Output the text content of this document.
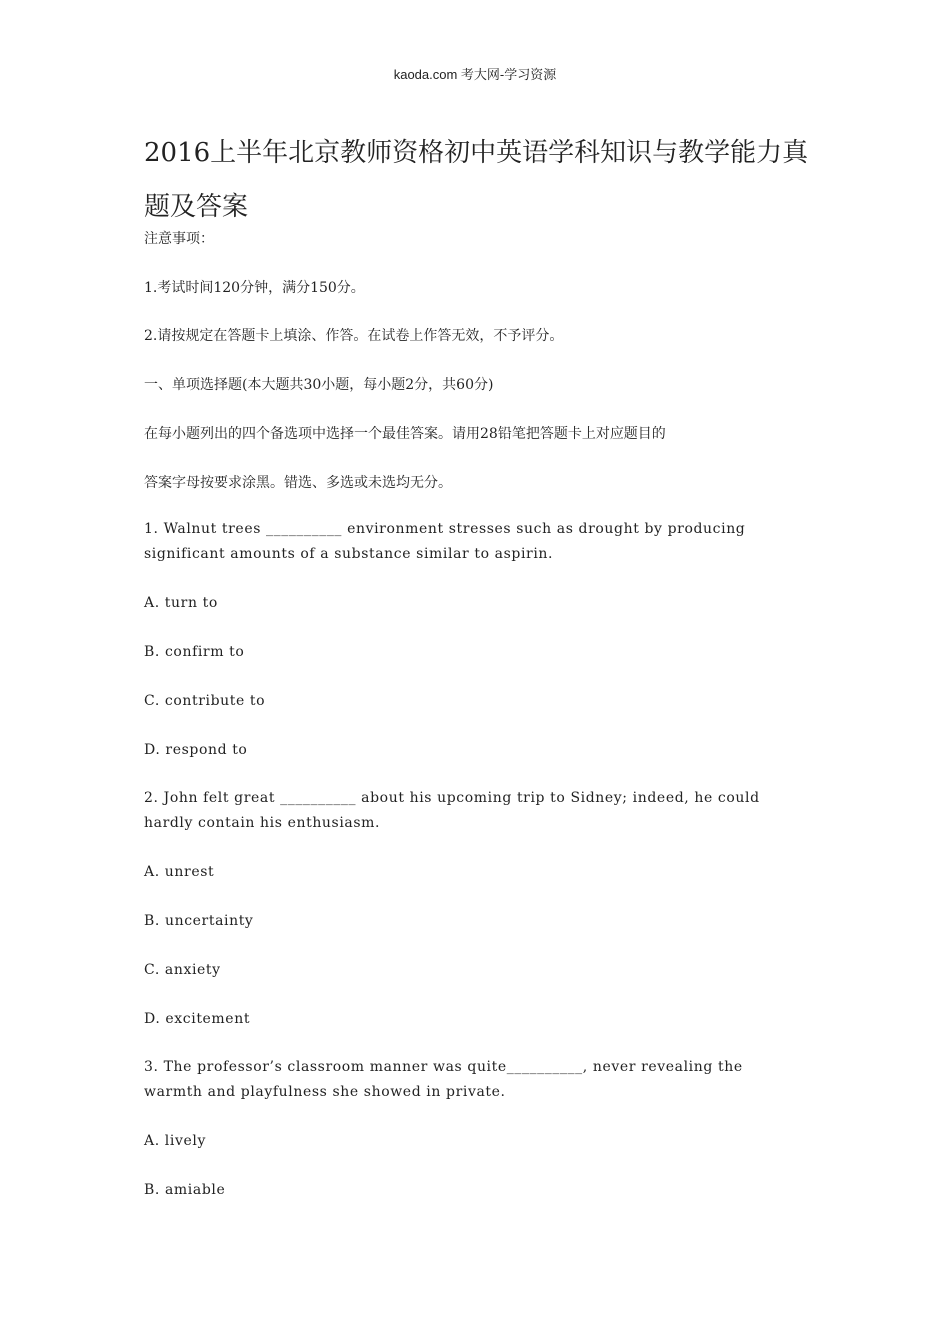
kaoda.com 考大网-学习资源
2016上半年北京教师资格初中英语学科知识与教学能力真题及答案
注意事项：
1.考试时间120分钟，满分150分。
2.请按规定在答题卡上填涂、作答。在试卷上作答无效，不予评分。
一、单项选择题(本大题共30小题，每小题2分，共60分)
在每小题列出的四个备选项中选择一个最佳答案。请用28铅笔把答题卡上对应题目的
答案字母按要求涂黑。错选、多选或未选均无分。
1. Walnut trees __________ environment stresses such as drought by producing significant amounts of a substance similar to aspirin.
A. turn to
B. confirm to
C. contribute to
D. respond to
2. John felt great __________ about his upcoming trip to Sidney; indeed, he could hardly contain his enthusiasm.
A. unrest
B. uncertainty
C. anxiety
D. excitement
3. The professor’s classroom manner was quite__________, never revealing the warmth and playfulness she showed in private.
A. lively
B. amiable
